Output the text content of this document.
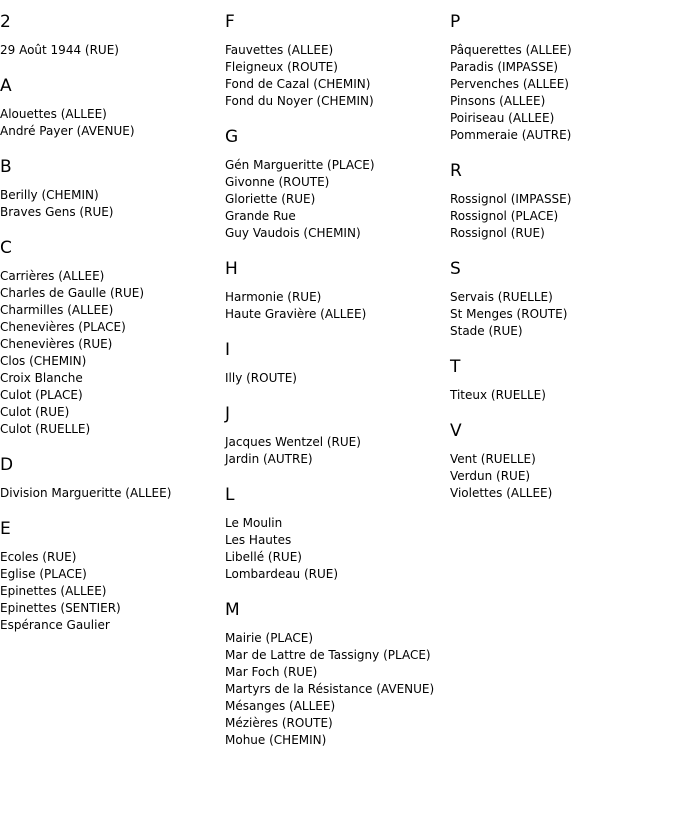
2
29 Août 1944 (RUE)
A
Alouettes (ALLEE)
André Payer (AVENUE)
B
Berilly (CHEMIN)
Braves Gens (RUE)
C
Carrières (ALLEE)
Charles de Gaulle (RUE)
Charmilles (ALLEE)
Chenevières (PLACE)
Chenevières (RUE)
Clos (CHEMIN)
Croix Blanche
Culot (PLACE)
Culot (RUE)
Culot (RUELLE)
D
Division Margueritte (ALLEE)
E
Ecoles (RUE)
Eglise (PLACE)
Epinettes (ALLEE)
Epinettes (SENTIER)
Espérance Gaulier
F
Fauvettes (ALLEE)
Fleigneux (ROUTE)
Fond de Cazal (CHEMIN)
Fond du Noyer (CHEMIN)
G
Gén Margueritte (PLACE)
Givonne (ROUTE)
Gloriette (RUE)
Grande Rue
Guy Vaudois (CHEMIN)
H
Harmonie (RUE)
Haute Gravière (ALLEE)
I
Illy (ROUTE)
J
Jacques Wentzel (RUE)
Jardin (AUTRE)
L
Le Moulin
Les Hautes
Libellé (RUE)
Lombardeau (RUE)
M
Mairie (PLACE)
Mar de Lattre de Tassigny (PLACE)
Mar Foch (RUE)
Martyrs de la Résistance (AVENUE)
Mésanges (ALLEE)
Mézières (ROUTE)
Mohue (CHEMIN)
P
Pâquerettes (ALLEE)
Paradis (IMPASSE)
Pervenches (ALLEE)
Pinsons (ALLEE)
Poiriseau (ALLEE)
Pommeraie (AUTRE)
R
Rossignol (IMPASSE)
Rossignol (PLACE)
Rossignol (RUE)
S
Servais (RUELLE)
St Menges (ROUTE)
Stade (RUE)
T
Titeux (RUELLE)
V
Vent (RUELLE)
Verdun (RUE)
Violettes (ALLEE)
